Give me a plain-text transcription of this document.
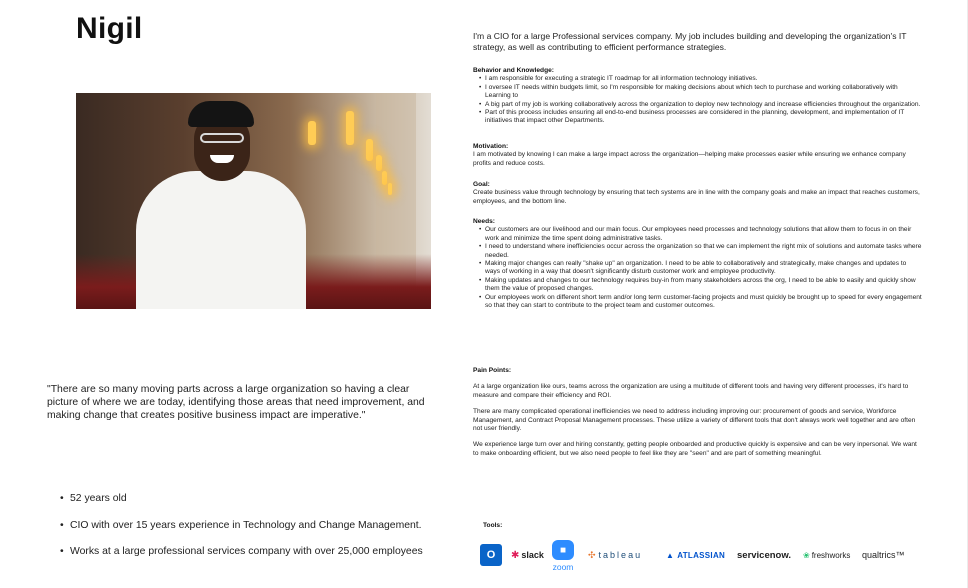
Nigil	I'm a CIO for a large Professional services company. My job includes building and developing the organization's IT strategy, as well as contributing to efficient performance strategies.
Behavior and Knowledge:
• I am responsible for executing a strategic IT roadmap for all information technology initiatives.
• I oversee IT needs within budgets limit, so I'm responsible for making decisions about which tech to purchase and working collaboratively with Learning to
• A big part of my job is working collaboratively across the organization to deploy new technology and increase efficiencies throughout the organization.
• Part of this process includes ensuring all end-to-end business processes are considered in the planning, development, and implementation of IT initiatives that impact other Departments.
Motivation:
I am motivated by knowing I can make a large impact across the organization—helping make processes easier while ensuring we enhance company profits and reduce costs.
Goal:
Create business value through technology by ensuring that tech systems are in line with the company goals and make an impact that reaches customers, employees, and the bottom line.
Needs:
• Our customers are our livelihood and our main focus. Our employees need processes and technology solutions that allow them to focus in on their work and minimize the time spent doing administrative tasks.
• I need to understand where inefficiencies occur across the organization so that we can implement the right mix of solutions and automate tasks where needed.
• Making major changes can really "shake up" an organization. I need to be able to collaboratively and strategically, make changes and updates to ways of working in a way that doesn't significantly disturb customer work and employee productivity.
• Making updates and changes to our technology requires buy-in from many stakeholders across the org, I need to be able to easily and quickly show them the value of proposed changes.
• Our employees work on different short term and/or long term customer-facing projects and must quickly be brought up to speed for every engagement so that they can start to contribute to the project team and customer outcomes.
Pain Points:
At a large organization like ours, teams across the organization are using a multitude of different tools and having very different processes, it's hard to measure and compare their efficiency and ROI.
There are many complicated operational inefficiencies we need to address including improving our: procurement of goods and service, Workforce Management, and Contract Proposal Management processes. These utilize a variety of different tools that don't always work well together and are often not user friendly.
We experience large turn over and hiring constantly, getting people onboarded and productive quickly is expensive and can be very inpersonal. We want to make onboarding efficient, but we also need people to feel like they are "seen" and are part of something meaningful.
"There are so many moving parts across a large organization so having a clear picture of where we are today, identifying those areas that need improvement, and making change that creates positive business impact are imperative."
• 52 years old
• CIO with over 15 years experience in Technology and Change Management.
• Works at a large professional services company with over 25,000 employees
Tools:
O	✱ slack	■
zoom
✣ tableau	▲ ATLASSIAN servicenow. ❀ freshworks qualtrics™
